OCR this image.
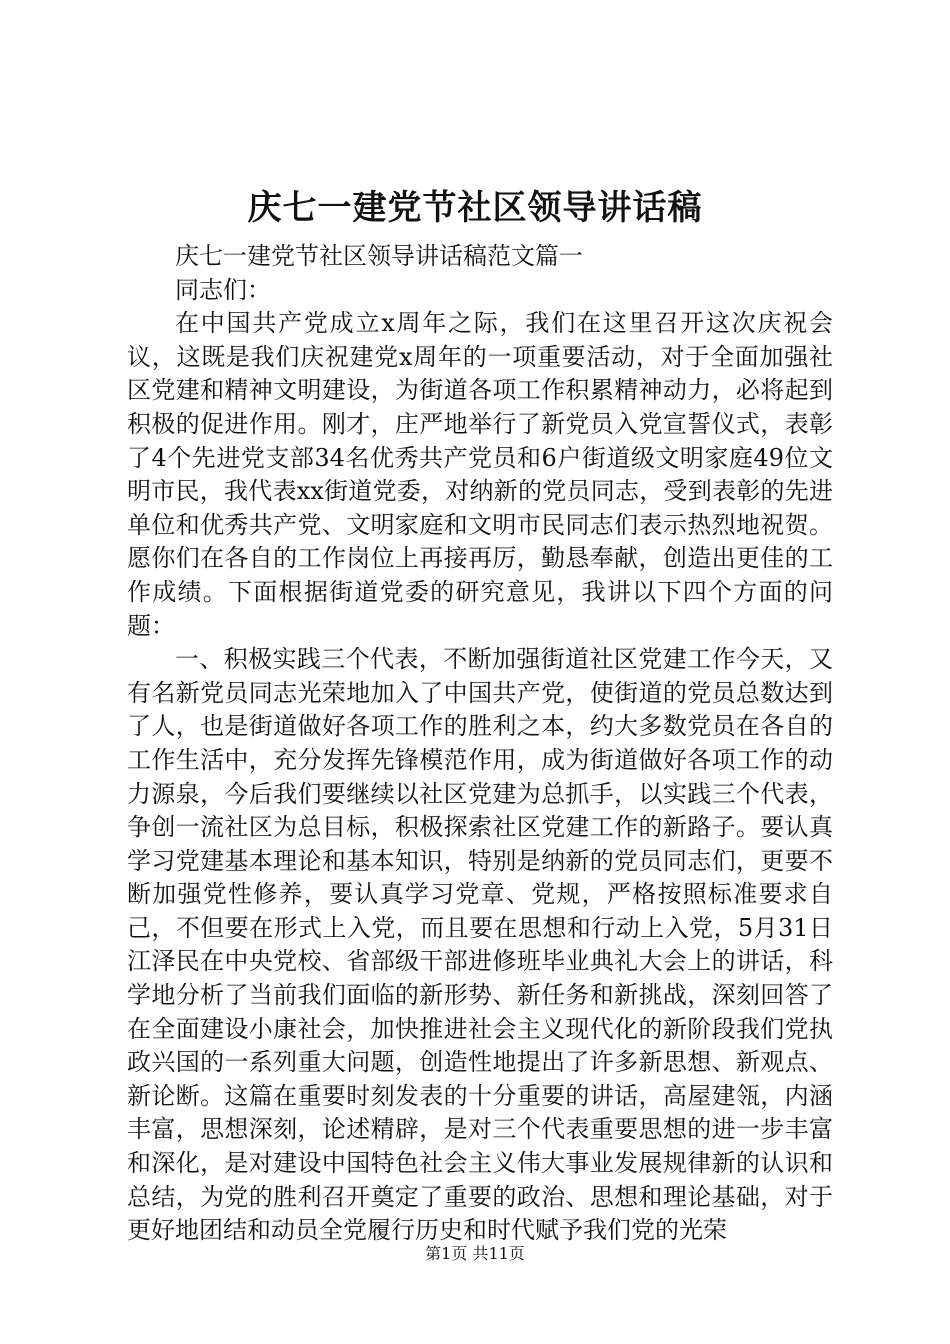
庆七一建党节社区领导讲话稿

庆七一建党节社区领导讲话稿范文篇一

同志们：

在中国共产党成立x周年之际，我们在这里召开这次庆祝会议，这既是我们庆祝建党x周年的一项重要活动，对于全面加强社区党建和精神文明建设，为街道各项工作积累精神动力，必将起到积极的促进作用。刚才，庄严地举行了新党员入党宣誓仪式，表彰了4个先进党支部34名优秀共产党员和6户街道级文明家庭49位文明市民，我代表xx街道党委，对纳新的党员同志，受到表彰的先进单位和优秀共产党、文明家庭和文明市民同志们表示热烈地祝贺。愿你们在各自的工作岗位上再接再厉，勤恳奉献，创造出更佳的工作成绩。下面根据街道党委的研究意见，我讲以下四个方面的问题：

一、积极实践三个代表，不断加强街道社区党建工作今天，又有名新党员同志光荣地加入了中国共产党，使街道的党员总数达到了人，也是街道做好各项工作的胜利之本，约大多数党员在各自的工作生活中，充分发挥先锋模范作用，成为街道做好各项工作的动力源泉，今后我们要继续以社区党建为总抓手，以实践三个代表，争创一流社区为总目标，积极探索社区党建工作的新路子。要认真学习党建基本理论和基本知识，特别是纳新的党员同志们，更要不断加强党性修养，要认真学习党章、党规，严格按照标准要求自己，不但要在形式上入党，而且要在思想和行动上入党，5月31日江泽民在中央党校、省部级干部进修班毕业典礼大会上的讲话，科学地分析了当前我们面临的新形势、新任务和新挑战，深刻回答了在全面建设小康社会，加快推进社会主义现代化的新阶段我们党执政兴国的一系列重大问题，创造性地提出了许多新思想、新观点、新论断。这篇在重要时刻发表的十分重要的讲话，高屋建瓴，内涵丰富，思想深刻，论述精辟，是对三个代表重要思想的进一步丰富和深化，是对建设中国特色社会主义伟大事业发展规律新的认识和总结，为党的胜利召开奠定了重要的政治、思想和理论基础，对于更好地团结和动员全党履行历史和时代赋予我们党的光荣

第1页 共11页
